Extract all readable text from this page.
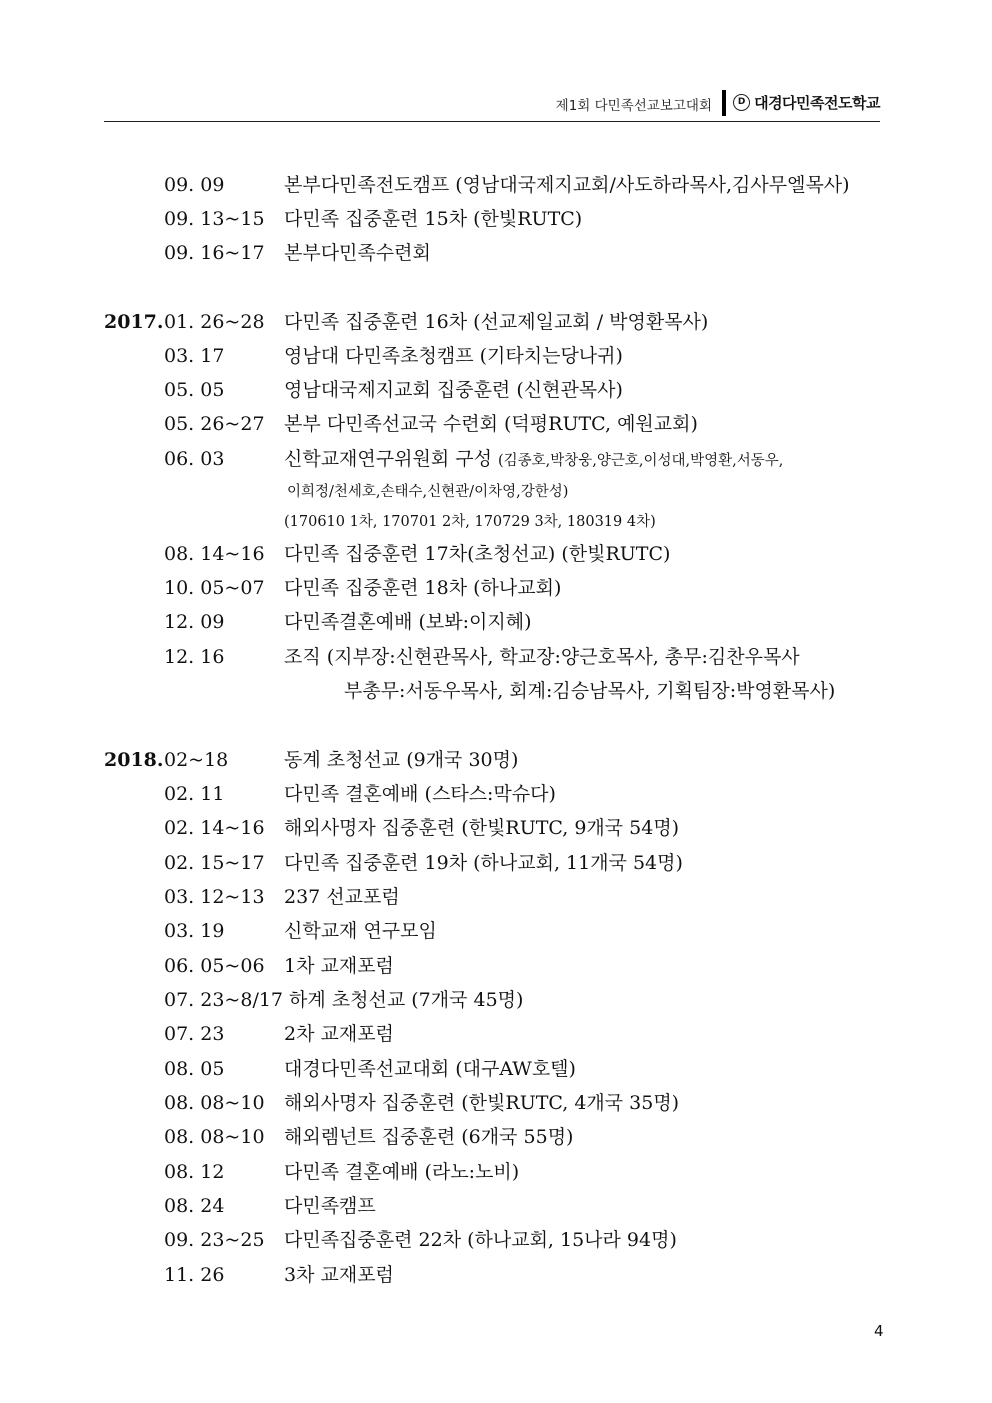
제1회 다민족선교보고대회	D 대경다민족전도학교
09. 09	본부다민족전도캠프 (영남대국제지교회/사도하라목사,김사무엘목사)
09. 13~15 다민족 집중훈련 15차 (한빛RUTC)
09. 16~17 본부다민족수련회
2017. 01. 26~28 다민족 집중훈련 16차 (선교제일교회 / 박영환목사)
03. 17	영남대 다민족초청캠프 (기타치는당나귀)
05. 05	영남대국제지교회 집중훈련 (신현관목사)
05. 26~27 본부 다민족선교국 수련회 (덕평RUTC, 예원교회)
06. 03	신학교재연구위원회 구성 (김종호,박창웅,양근호,이성대,박영환,서동우,
이희정/천세호,손태수,신현관/이차영,강한성)
(170610 1차, 170701 2차, 170729 3차, 180319 4차)
08. 14~16 다민족 집중훈련 17차(초청선교) (한빛RUTC)
10. 05~07 다민족 집중훈련 18차 (하나교회)
12. 09	다민족결혼예배 (보봐:이지혜)
12. 16	조직 (지부장:신현관목사, 학교장:양근호목사, 총무:김찬우목사
부총무:서동우목사, 회계:김승남목사, 기획팀장:박영환목사)
2018. 02~18	동계 초청선교 (9개국 30명)
02. 11	다민족 결혼예배 (스타스:막슈다)
02. 14~16 해외사명자 집중훈련 (한빛RUTC, 9개국 54명)
02. 15~17 다민족 집중훈련 19차 (하나교회, 11개국 54명)
03. 12~13 237 선교포럼
03. 19	신학교재 연구모임
06. 05~06 1차 교재포럼
07. 23~8/17 하계 초청선교 (7개국 45명)
07. 23	2차 교재포럼
08. 05	대경다민족선교대회 (대구AW호텔)
08. 08~10 해외사명자 집중훈련 (한빛RUTC, 4개국 35명)
08. 08~10 해외렘넌트 집중훈련 (6개국 55명)
08. 12	다민족 결혼예배 (라노:노비)
08. 24	다민족캠프
09. 23~25 다민족집중훈련 22차 (하나교회, 15나라 94명)
11. 26	3차 교재포럼
4
